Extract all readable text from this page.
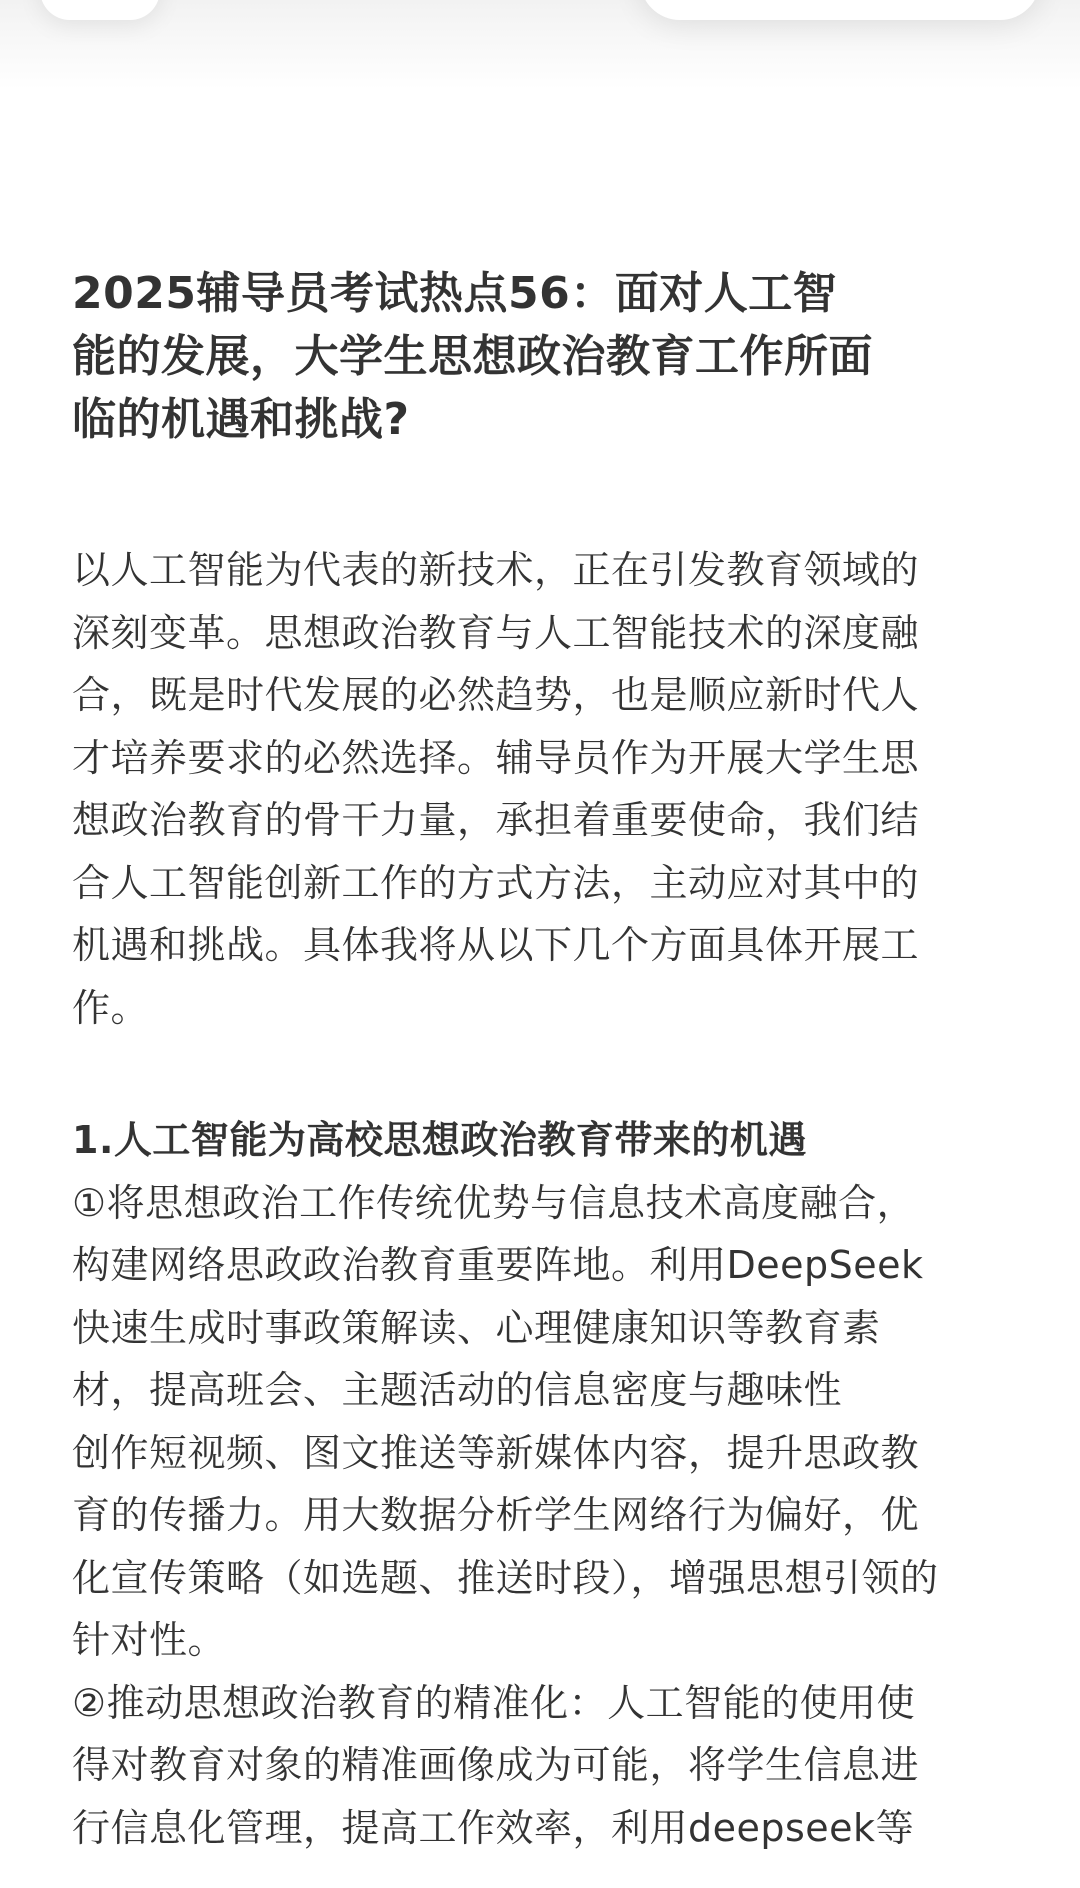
2025辅导员考试热点56：面对人工智
能的发展，大学生思想政治教育工作所面
临的机遇和挑战?

以人工智能为代表的新技术，正在引发教育领域的
深刻变革。思想政治教育与人工智能技术的深度融
合，既是时代发展的必然趋势，也是顺应新时代人
才培养要求的必然选择。辅导员作为开展大学生思
想政治教育的骨干力量，承担着重要使命，我们结
合人工智能创新工作的方式方法，主动应对其中的
机遇和挑战。具体我将从以下几个方面具体开展工
作。

1.人工智能为高校思想政治教育带来的机遇

①将思想政治工作传统优势与信息技术高度融合，
构建网络思政政治教育重要阵地。利用DeepSeek
快速生成时事政策解读、心理健康知识等教育素
材，提高班会、主题活动的信息密度与趣味性
创作短视频、图文推送等新媒体内容，提升思政教
育的传播力。用大数据分析学生网络行为偏好，优
化宣传策略（如选题、推送时段），增强思想引领的
针对性。

②推动思想政治教育的精准化：人工智能的使用使
得对教育对象的精准画像成为可能，将学生信息进
行信息化管理，提高工作效率，利用deepseek等
